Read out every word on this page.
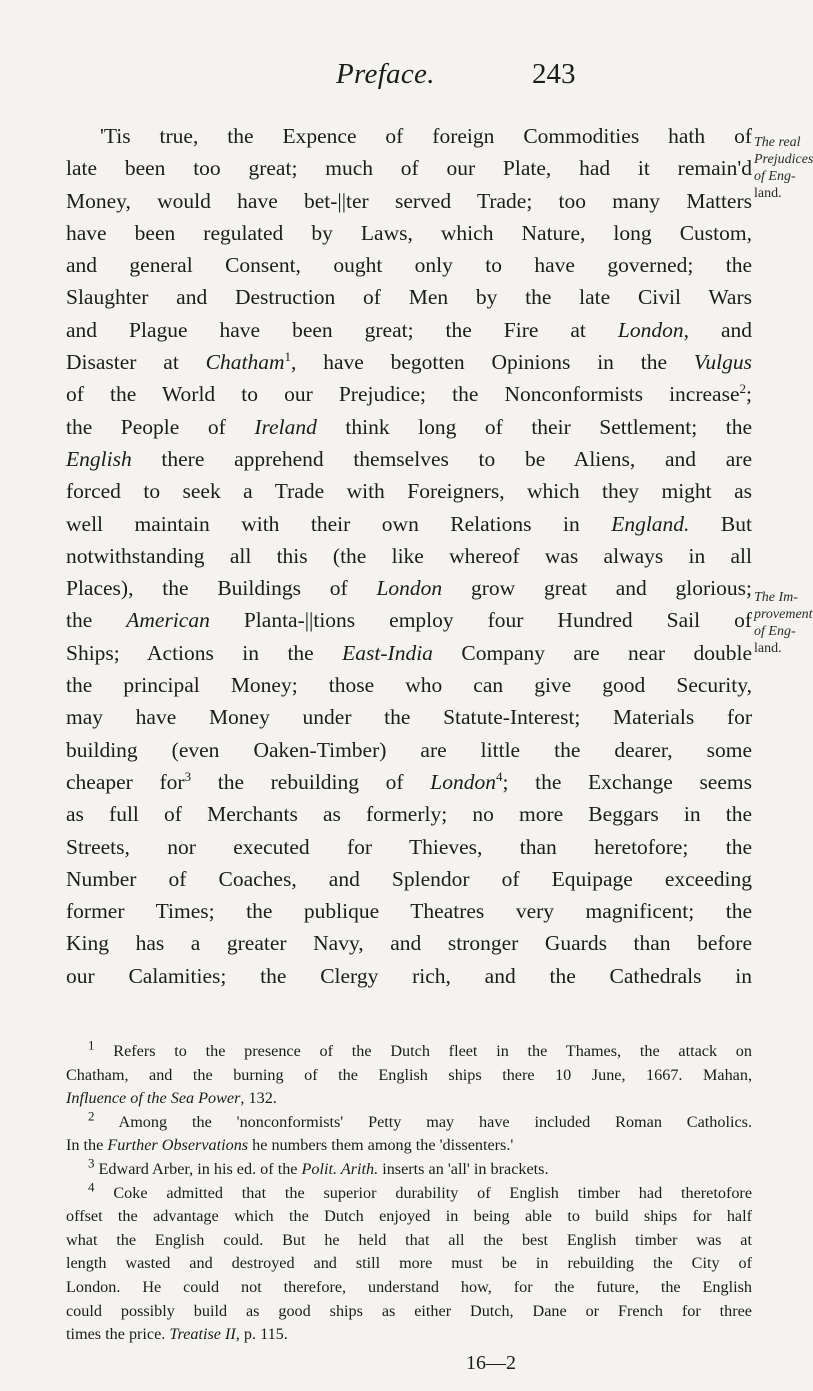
Preface.	243
The real
Prejudices
of Eng-
land.
The Im-
provement
of Eng-
land.
'Tis true, the Expence of foreign Commodities hath of
late been too great; much of our Plate, had it remain'd
Money, would have bet-||ter served Trade; too many Matters
have been regulated by Laws, which Nature, long Custom,
and general Consent, ought only to have governed; the
Slaughter and Destruction of Men by the late Civil Wars
and Plague have been great; the Fire at London, and
Disaster at Chatham$^1$, have begotten Opinions in the Vulgus
of the World to our Prejudice; the Nonconformists increase$^2$;
the People of Ireland think long of their Settlement; the
English there apprehend themselves to be Aliens, and are
forced to seek a Trade with Foreigners, which they might as
well maintain with their own Relations in England. But
notwithstanding all this (the like whereof was always in all
Places), the Buildings of London grow great and glorious;
the American Planta-||tions employ four Hundred Sail of
Ships; Actions in the East-India Company are near double
the principal Money; those who can give good Security,
may have Money under the Statute-Interest; Materials for
building (even Oaken-Timber) are little the dearer, some
cheaper for$^3$ the rebuilding of London$^4$; the Exchange seems
as full of Merchants as formerly; no more Beggars in the
Streets, nor executed for Thieves, than heretofore; the
Number of Coaches, and Splendor of Equipage exceeding
former Times; the publique Theatres very magnificent; the
King has a greater Navy, and stronger Guards than before
our Calamities; the Clergy rich, and the Cathedrals in
$^1$ Refers to the presence of the Dutch fleet in the Thames, the attack on
Chatham, and the burning of the English ships there 10 June, 1667. Mahan,
Influence of the Sea Power, 132.
$^2$ Among the 'nonconformists' Petty may have included Roman Catholics.
In the Further Observations he numbers them among the 'dissenters.'
$^3$ Edward Arber, in his ed. of the Polit. Arith. inserts an 'all' in brackets.
$^4$ Coke admitted that the superior durability of English timber had theretofore
offset the advantage which the Dutch enjoyed in being able to build ships for half
what the English could. But he held that all the best English timber was at
length wasted and destroyed and still more must be in rebuilding the City of
London. He could not therefore, understand how, for the future, the English
could possibly build as good ships as either Dutch, Dane or French for three
times the price. Treatise II, p. 115.
16—2
